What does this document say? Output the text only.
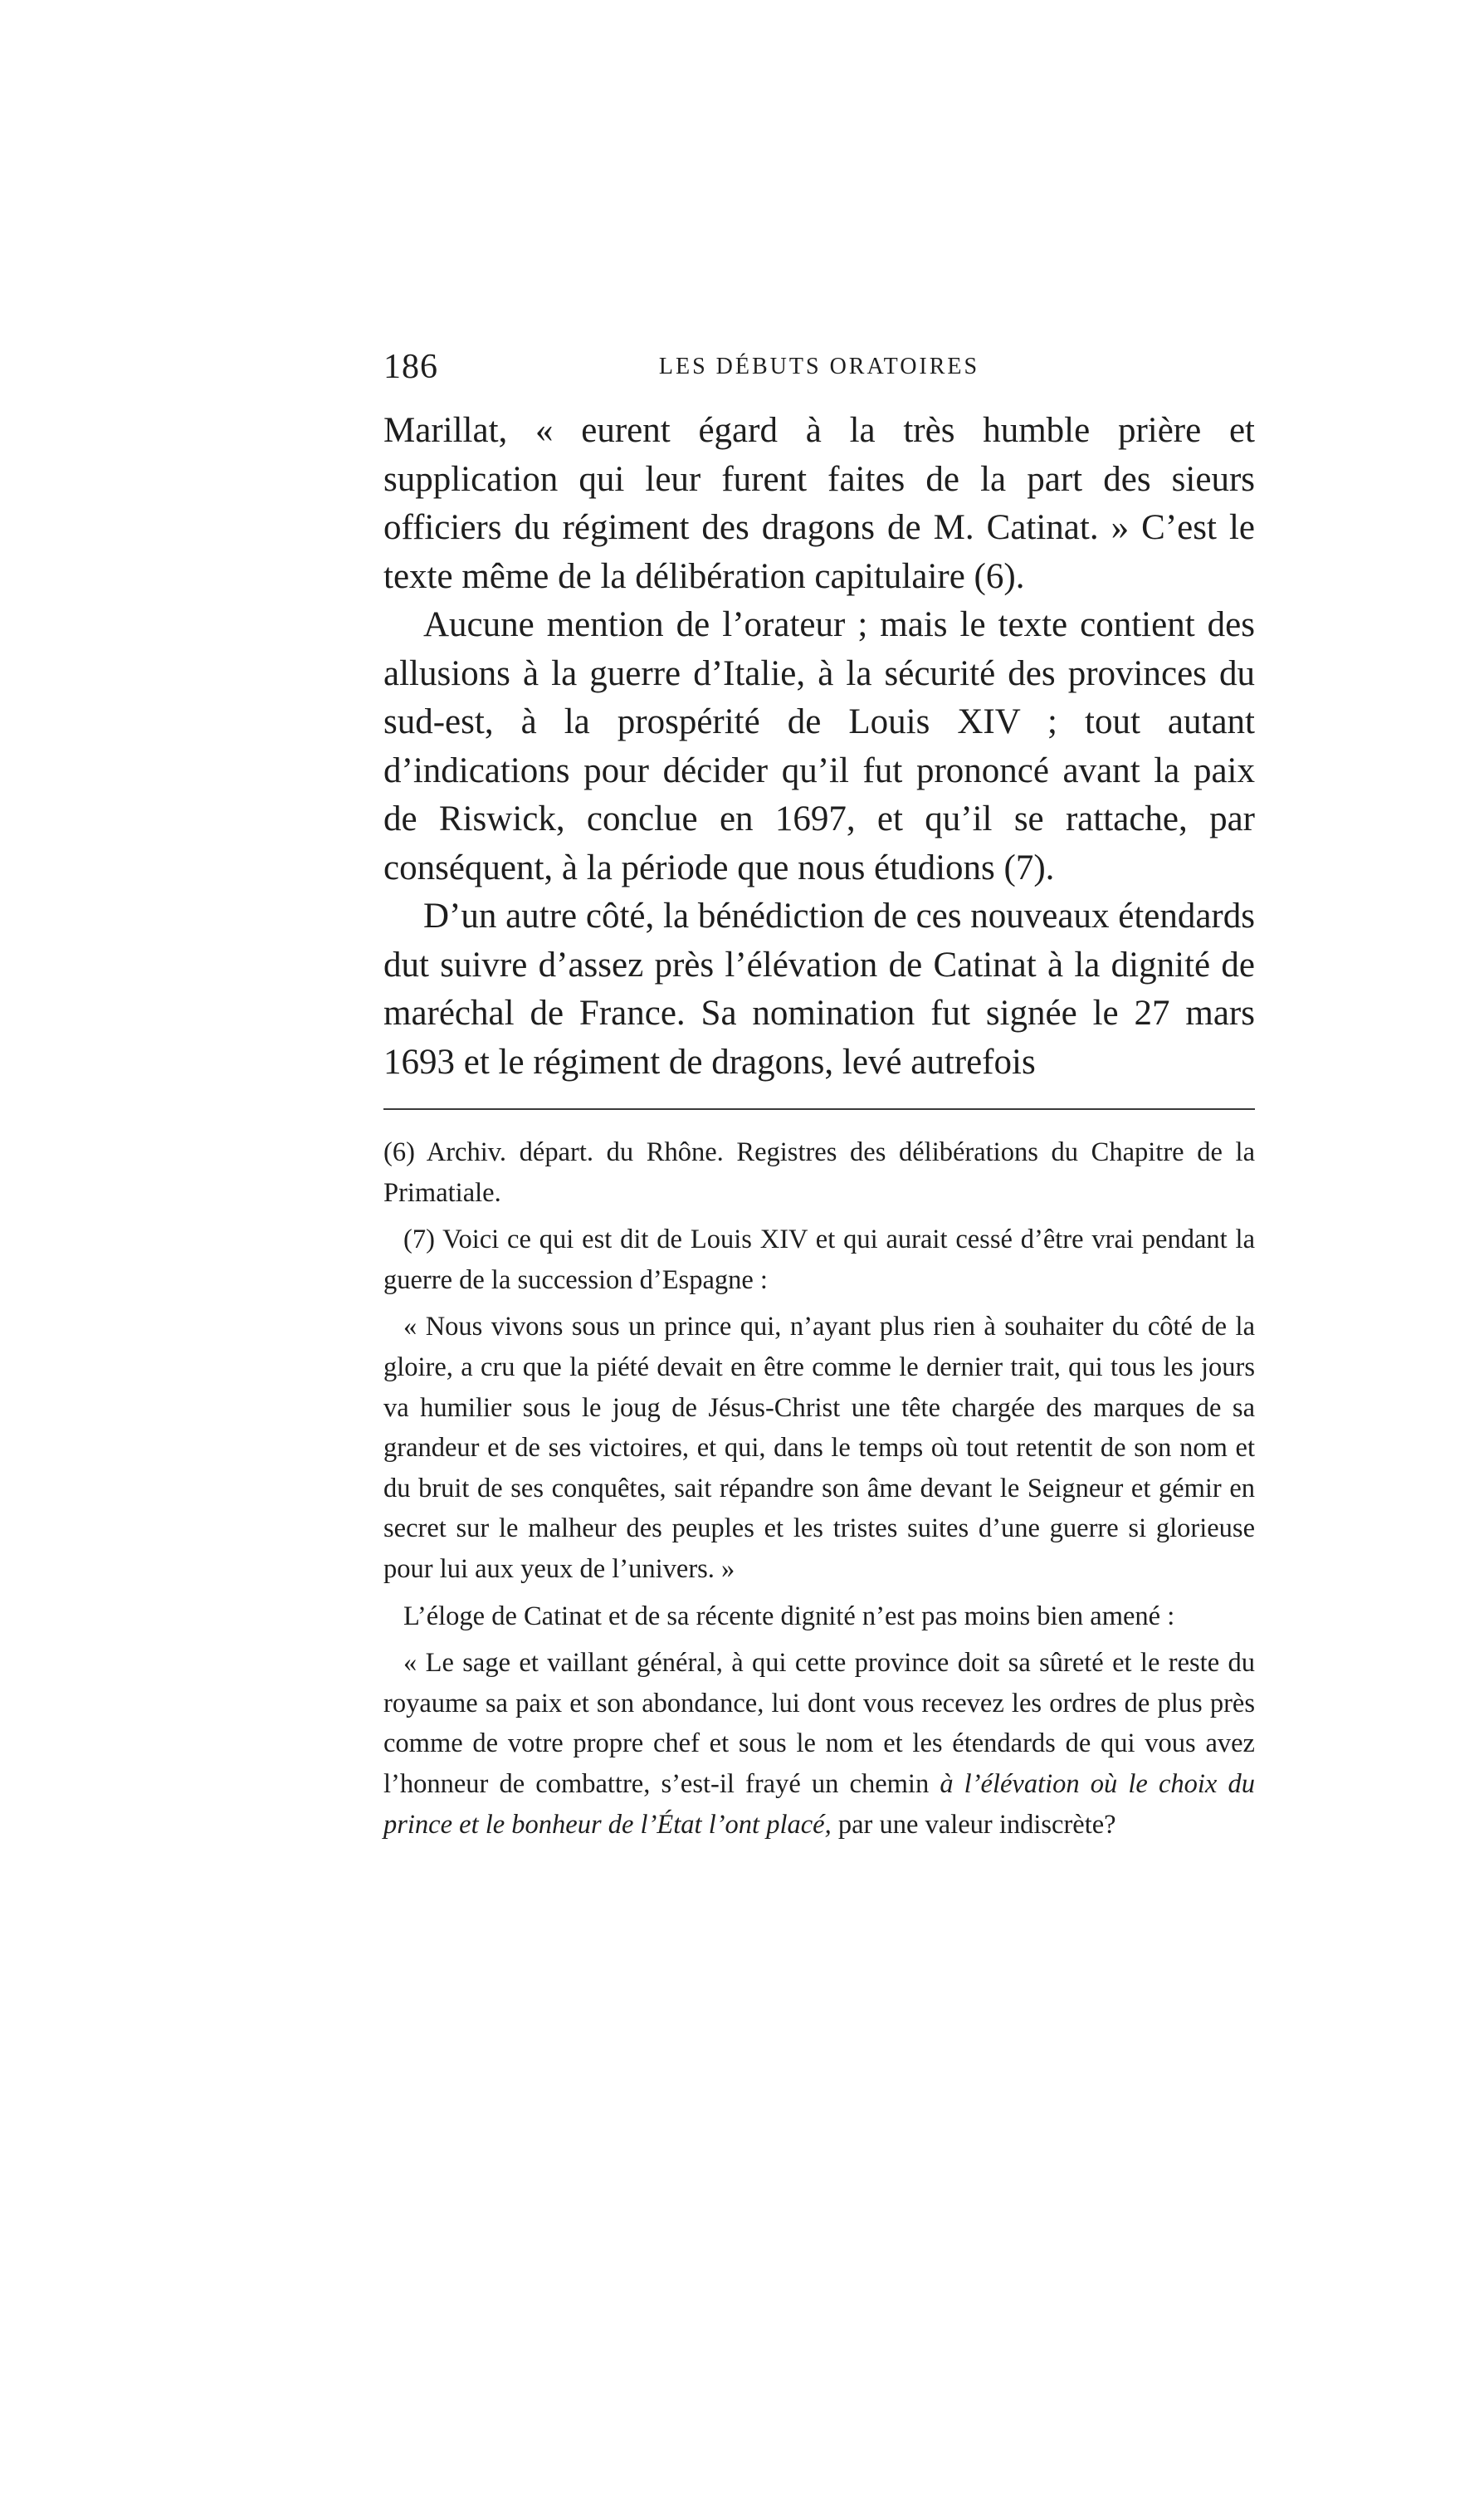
186	LES DÉBUTS ORATOIRES

Marillat, « eurent égard à la très humble prière et supplication qui leur furent faites de la part des sieurs officiers du régiment des dragons de M. Catinat. » C’est le texte même de la délibération capitulaire (6).

Aucune mention de l’orateur ; mais le texte contient des allusions à la guerre d’Italie, à la sécurité des provinces du sud-est, à la prospérité de Louis XIV ; tout autant d’indications pour décider qu’il fut prononcé avant la paix de Riswick, conclue en 1697, et qu’il se rattache, par conséquent, à la période que nous étudions (7).

D’un autre côté, la bénédiction de ces nouveaux étendards dut suivre d’assez près l’élévation de Catinat à la dignité de maréchal de France. Sa nomination fut signée le 27 mars 1693 et le régiment de dragons, levé autrefois

(6) Archiv. départ. du Rhône. Registres des délibérations du Chapitre de la Primatiale.

(7) Voici ce qui est dit de Louis XIV et qui aurait cessé d’être vrai pendant la guerre de la succession d’Espagne :

« Nous vivons sous un prince qui, n’ayant plus rien à souhaiter du côté de la gloire, a cru que la piété devait en être comme le dernier trait, qui tous les jours va humilier sous le joug de Jésus-Christ une tête chargée des marques de sa grandeur et de ses victoires, et qui, dans le temps où tout retentit de son nom et du bruit de ses conquêtes, sait répandre son âme devant le Seigneur et gémir en secret sur le malheur des peuples et les tristes suites d’une guerre si glorieuse pour lui aux yeux de l’univers. »

L’éloge de Catinat et de sa récente dignité n’est pas moins bien amené :

« Le sage et vaillant général, à qui cette province doit sa sûreté et le reste du royaume sa paix et son abondance, lui dont vous recevez les ordres de plus près comme de votre propre chef et sous le nom et les étendards de qui vous avez l’honneur de combattre, s’est-il frayé un chemin à l’élévation où le choix du prince et le bonheur de l’État l’ont placé, par une valeur indiscrète?
